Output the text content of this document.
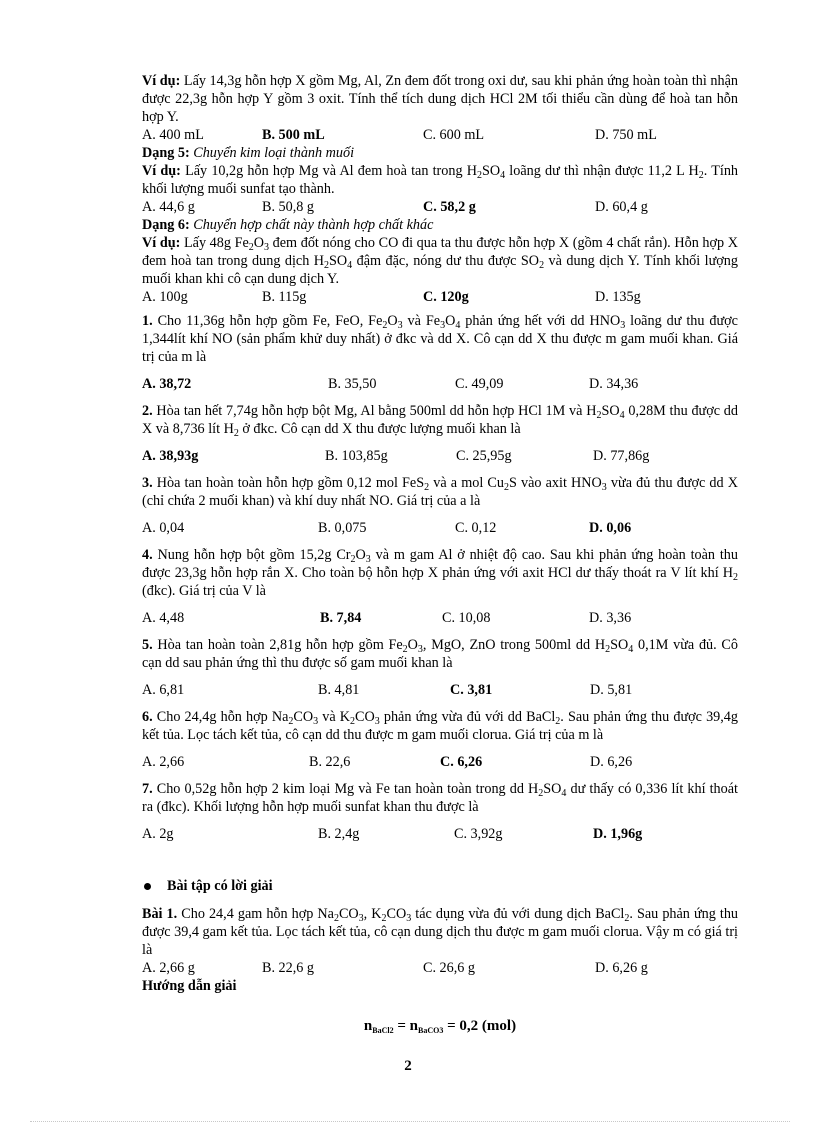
Ví dụ: Lấy 14,3g hỗn hợp X gồm Mg, Al, Zn đem đốt trong oxi dư, sau khi phản ứng hoàn toàn thì nhận được 22,3g hỗn hợp Y gồm 3 oxit. Tính thể tích dung dịch HCl 2M tối thiểu cần dùng để hoà tan hỗn hợp Y.

A. 400 mL	B. 500 mL	C. 600 mL	D. 750 mL

Dạng 5: Chuyển kim loại thành muối

Ví dụ: Lấy 10,2g hỗn hợp Mg và Al đem hoà tan trong $H_2SO_4$ loãng dư thì nhận được 11,2 L $H_2$. Tính khối lượng muối sunfat tạo thành.

A. 44,6 g	B. 50,8 g	C. 58,2 g	D. 60,4 g

Dạng 6: Chuyển hợp chất này thành hợp chất khác

Ví dụ: Lấy 48g $Fe_2O_3$ đem đốt nóng cho CO đi qua ta thu được hỗn hợp X (gồm 4 chất rắn). Hỗn hợp X đem hoà tan trong dung dịch $H_2SO_4$ đậm đặc, nóng dư thu được $SO_2$ và dung dịch Y. Tính khối lượng muối khan khi cô cạn dung dịch Y.

A. 100g	B. 115g	C. 120g	D. 135g

1. Cho 11,36g hỗn hợp gồm Fe, FeO, $Fe_2O_3$ và $Fe_3O_4$ phản ứng hết với dd $HNO_3$ loãng dư thu được 1,344lít khí NO (sản phẩm khử duy nhất) ở đkc và dd X. Cô cạn dd X thu được m gam muối khan. Giá trị của m là

A. 38,72	B. 35,50	C. 49,09	D. 34,36

2. Hòa tan hết 7,74g hỗn hợp bột Mg, Al bằng 500ml dd hỗn hợp HCl 1M và $H_2SO_4$ 0,28M thu được dd X và 8,736 lít $H_2$ ở đkc. Cô cạn dd X thu được lượng muối khan là

A. 38,93g	B. 103,85g	C. 25,95g	D. 77,86g

3. Hòa tan hoàn toàn hỗn hợp gồm 0,12 mol FeS$_2$ và a mol $Cu_2S$ vào axit $HNO_3$ vừa đủ thu được dd X (chỉ chứa 2 muối khan) và khí duy nhất NO. Giá trị của a là

A. 0,04	B. 0,075	C. 0,12	D. 0,06

4. Nung hỗn hợp bột gồm 15,2g $Cr_2O_3$ và m gam Al ở nhiệt độ cao. Sau khi phản ứng hoàn toàn thu được 23,3g hỗn hợp rắn X. Cho toàn bộ hỗn hợp X phản ứng với axit HCl dư thấy thoát ra V lít khí $H_2$ (đkc). Giá trị của V là

A. 4,48	B. 7,84	C. 10,08	D. 3,36

5. Hòa tan hoàn toàn 2,81g hỗn hợp gồm $Fe_2O_3$, MgO, ZnO trong 500ml dd $H_2SO_4$ 0,1M vừa đủ. Cô cạn dd sau phản ứng thì thu được số gam muối khan là

A. 6,81	B. 4,81	C. 3,81	D. 5,81

6. Cho 24,4g hỗn hợp $Na_2CO_3$ và $K_2CO_3$ phản ứng vừa đủ với dd BaCl$_2$. Sau phản ứng thu được 39,4g kết tủa. Lọc tách kết tủa, cô cạn dd thu được m gam muối clorua. Giá trị của m là

A. 2,66	B. 22,6	C. 6,26	D. 6,26

7. Cho 0,52g hỗn hợp 2 kim loại Mg và Fe tan hoàn toàn trong dd $H_2SO_4$ dư thấy có 0,336 lít khí thoát ra (đkc). Khối lượng hỗn hợp muối sunfat khan thu được là

A. 2g	B. 2,4g	C. 3,92g	D. 1,96g
Bài tập có lời giải

Bài 1. Cho 24,4 gam hỗn hợp $Na_2CO_3$, $K_2CO_3$ tác dụng vừa đủ với dung dịch BaCl$_2$. Sau phản ứng thu được 39,4 gam kết tủa. Lọc tách kết tủa, cô cạn dung dịch thu được m gam muối clorua. Vậy m có giá trị là

A. 2,66 g	B. 22,6 g	C. 26,6 g	D. 6,26 g

Hướng dẫn giải

$n_{BaCl2} = n_{BaCO3} = 0,2$ (mol)
2
